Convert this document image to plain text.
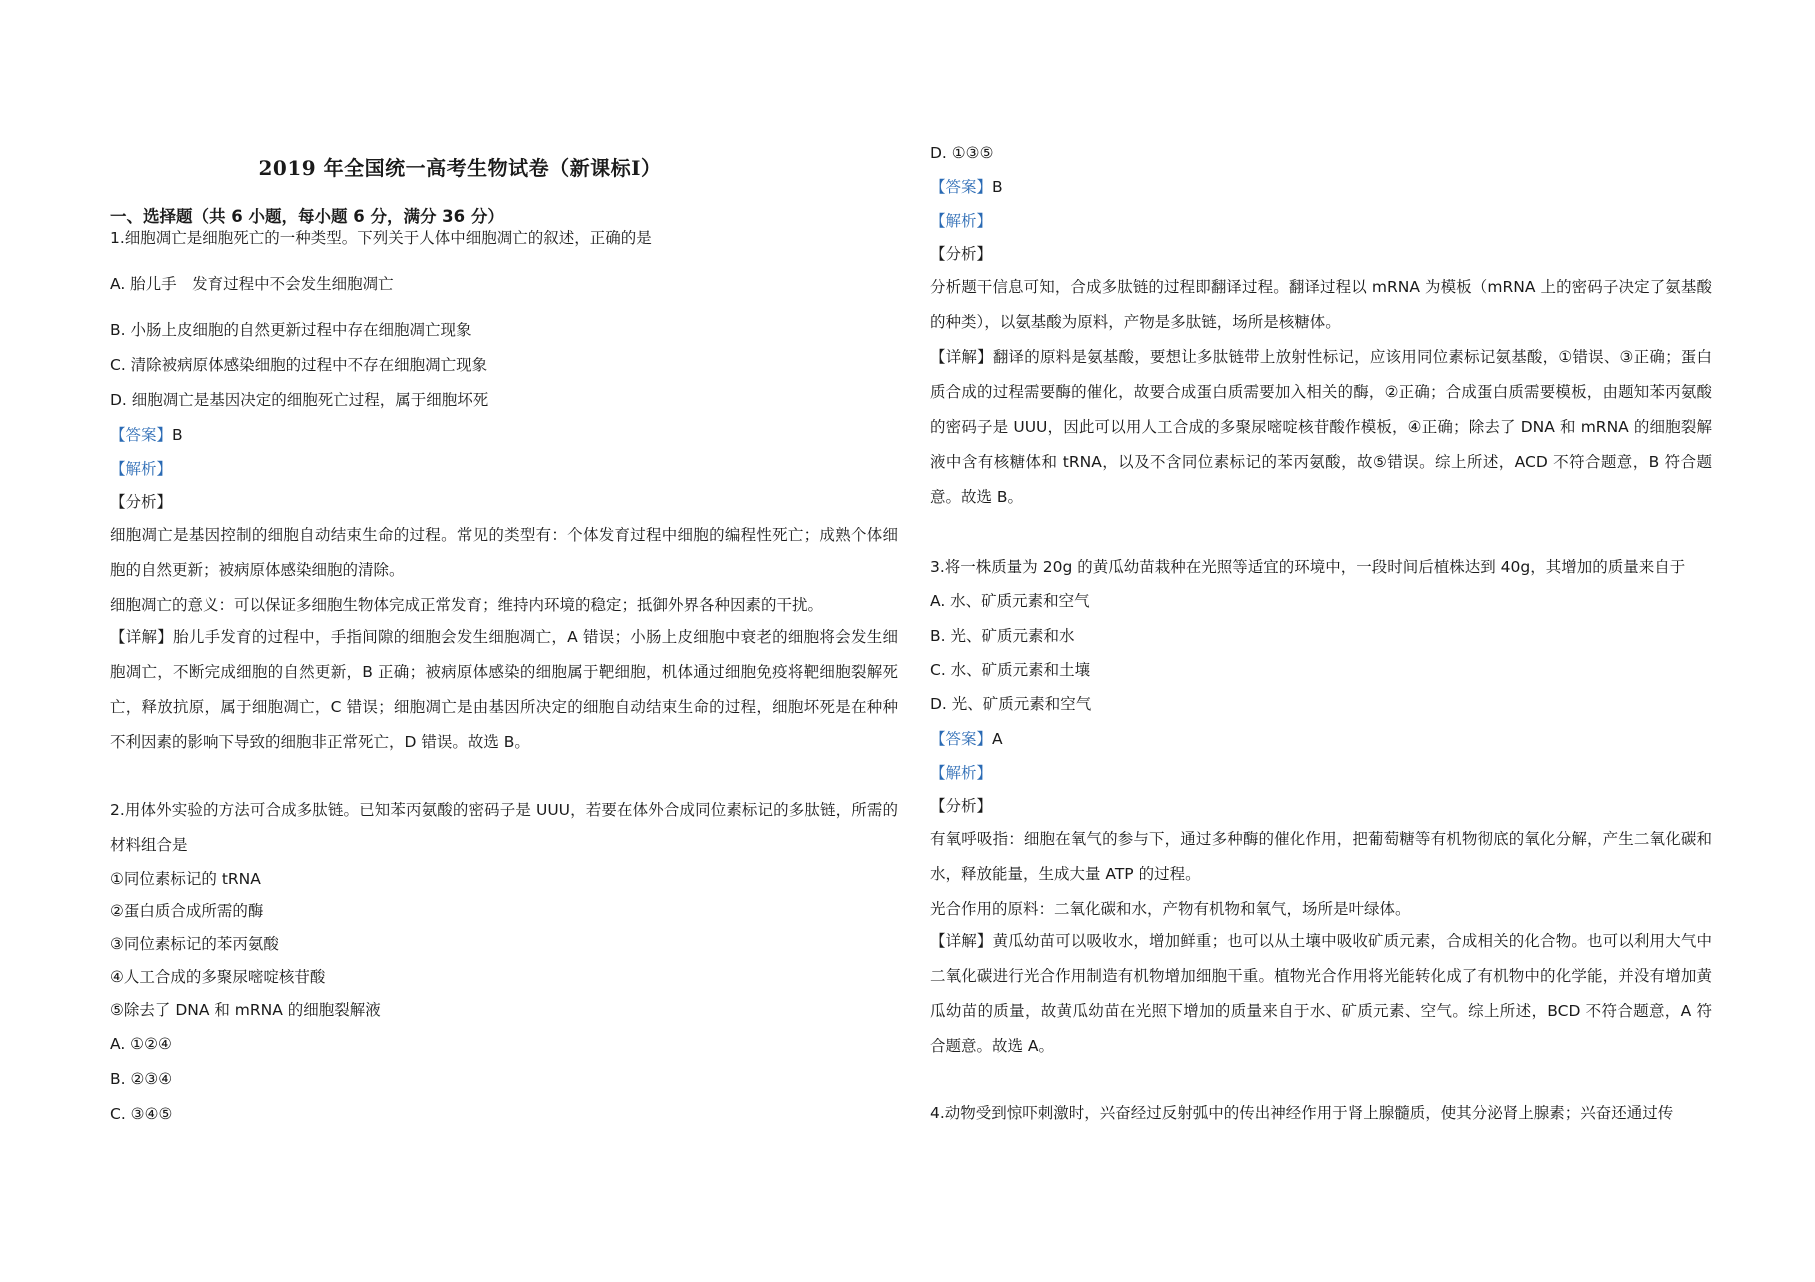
2019 年全国统一高考生物试卷（新课标I）
一、选择题（共 6 小题，每小题 6 分，满分 36 分）
1.细胞凋亡是细胞死亡的一种类型。下列关于人体中细胞凋亡的叙述，正确的是
A. 胎儿手　发育过程中不会发生细胞凋亡
B. 小肠上皮细胞的自然更新过程中存在细胞凋亡现象
C. 清除被病原体感染细胞的过程中不存在细胞凋亡现象
D. 细胞凋亡是基因决定的细胞死亡过程，属于细胞坏死
【答案】B
【解析】
【分析】
细胞凋亡是基因控制的细胞自动结束生命的过程。常见的类型有：个体发育过程中细胞的编程性死亡；成熟个体细胞的自然更新；被病原体感染细胞的清除。
细胞凋亡的意义：可以保证多细胞生物体完成正常发育；维持内环境的稳定；抵御外界各种因素的干扰。
【详解】胎儿手发育的过程中，手指间隙的细胞会发生细胞凋亡，A 错误；小肠上皮细胞中衰老的细胞将会发生细胞凋亡，不断完成细胞的自然更新，B 正确；被病原体感染的细胞属于靶细胞，机体通过细胞免疫将靶细胞裂解死亡，释放抗原，属于细胞凋亡，C 错误；细胞凋亡是由基因所决定的细胞自动结束生命的过程，细胞坏死是在种种不利因素的影响下导致的细胞非正常死亡，D 错误。故选 B。
2.用体外实验的方法可合成多肽链。已知苯丙氨酸的密码子是 UUU，若要在体外合成同位素标记的多肽链，所需的材料组合是
①同位素标记的 tRNA
②蛋白质合成所需的酶
③同位素标记的苯丙氨酸
④人工合成的多聚尿嘧啶核苷酸
⑤除去了 DNA 和 mRNA 的细胞裂解液
A. ①②④
B. ②③④
C. ③④⑤
D. ①③⑤
【答案】B
【解析】
【分析】
分析题干信息可知，合成多肽链的过程即翻译过程。翻译过程以 mRNA 为模板（mRNA 上的密码子决定了氨基酸的种类），以氨基酸为原料，产物是多肽链，场所是核糖体。
【详解】翻译的原料是氨基酸，要想让多肽链带上放射性标记，应该用同位素标记氨基酸，①错误、③正确；蛋白质合成的过程需要酶的催化，故要合成蛋白质需要加入相关的酶，②正确；合成蛋白质需要模板，由题知苯丙氨酸的密码子是 UUU，因此可以用人工合成的多聚尿嘧啶核苷酸作模板，④正确；除去了 DNA 和 mRNA 的细胞裂解液中含有核糖体和 tRNA，以及不含同位素标记的苯丙氨酸，故⑤错误。综上所述，ACD 不符合题意，B 符合题意。故选 B。
3.将一株质量为 20g 的黄瓜幼苗栽种在光照等适宜的环境中，一段时间后植株达到 40g，其增加的质量来自于
A. 水、矿质元素和空气
B. 光、矿质元素和水
C. 水、矿质元素和土壤
D. 光、矿质元素和空气
【答案】A
【解析】
【分析】
有氧呼吸指：细胞在氧气的参与下，通过多种酶的催化作用，把葡萄糖等有机物彻底的氧化分解，产生二氧化碳和水，释放能量，生成大量 ATP 的过程。
光合作用的原料：二氧化碳和水，产物有机物和氧气，场所是叶绿体。
【详解】黄瓜幼苗可以吸收水，增加鲜重；也可以从土壤中吸收矿质元素，合成相关的化合物。也可以利用大气中二氧化碳进行光合作用制造有机物增加细胞干重。植物光合作用将光能转化成了有机物中的化学能，并没有增加黄瓜幼苗的质量，故黄瓜幼苗在光照下增加的质量来自于水、矿质元素、空气。综上所述，BCD 不符合题意，A 符合题意。故选 A。
4.动物受到惊吓刺激时，兴奋经过反射弧中的传出神经作用于肾上腺髓质，使其分泌肾上腺素；兴奋还通过传
